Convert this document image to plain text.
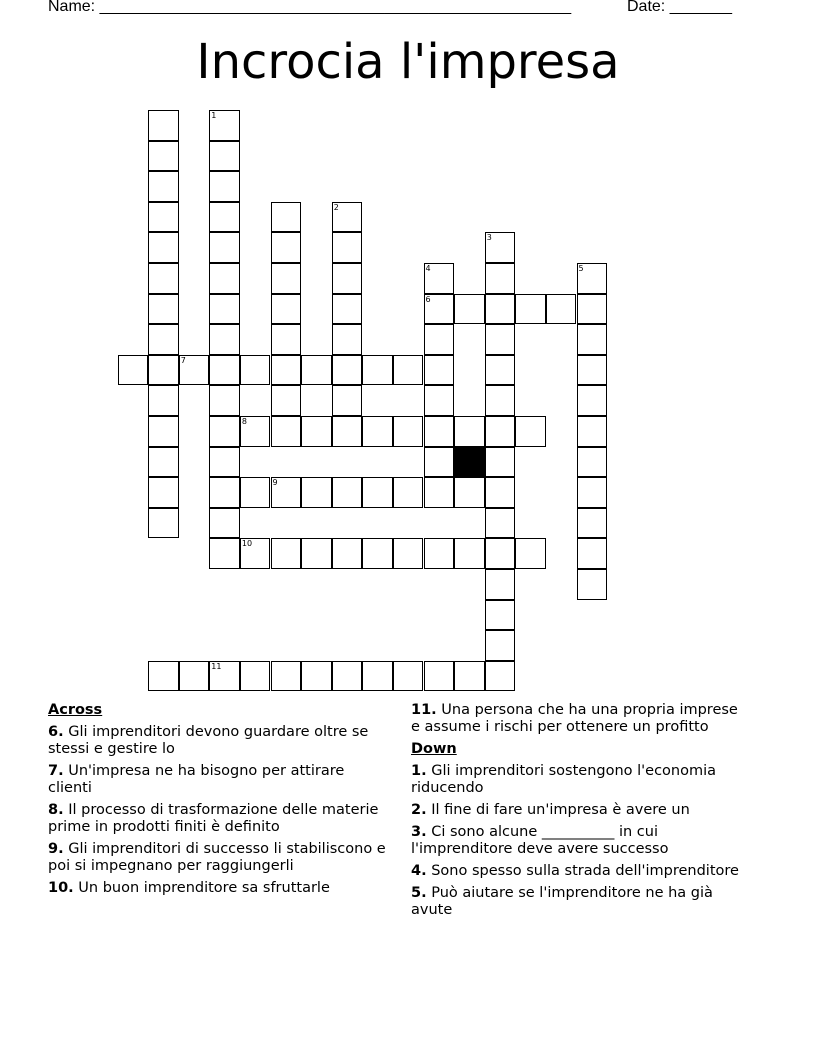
Name: _____________________________________________________	Date: _______
Incrocia l'impresa
1
2
3
4	5
6
7
8
9
10
11
Across
6. Gli imprenditori devono guardare oltre se stessi e gestire lo
7. Un'impresa ne ha bisogno per attirare clienti
8. Il processo di trasformazione delle materie prime in prodotti finiti è definito
9. Gli imprenditori di successo li stabiliscono e poi si impegnano per raggiungerli
10. Un buon imprenditore sa sfruttarle
11. Una persona che ha una propria imprese e assume i rischi per ottenere un profitto
Down
1. Gli imprenditori sostengono l'economia riducendo
2. Il fine di fare un'impresa è avere un
3. Ci sono alcune __________ in cui l'imprenditore deve avere successo
4. Sono spesso sulla strada dell'imprenditore
5. Può aiutare se l'imprenditore ne ha già avute
